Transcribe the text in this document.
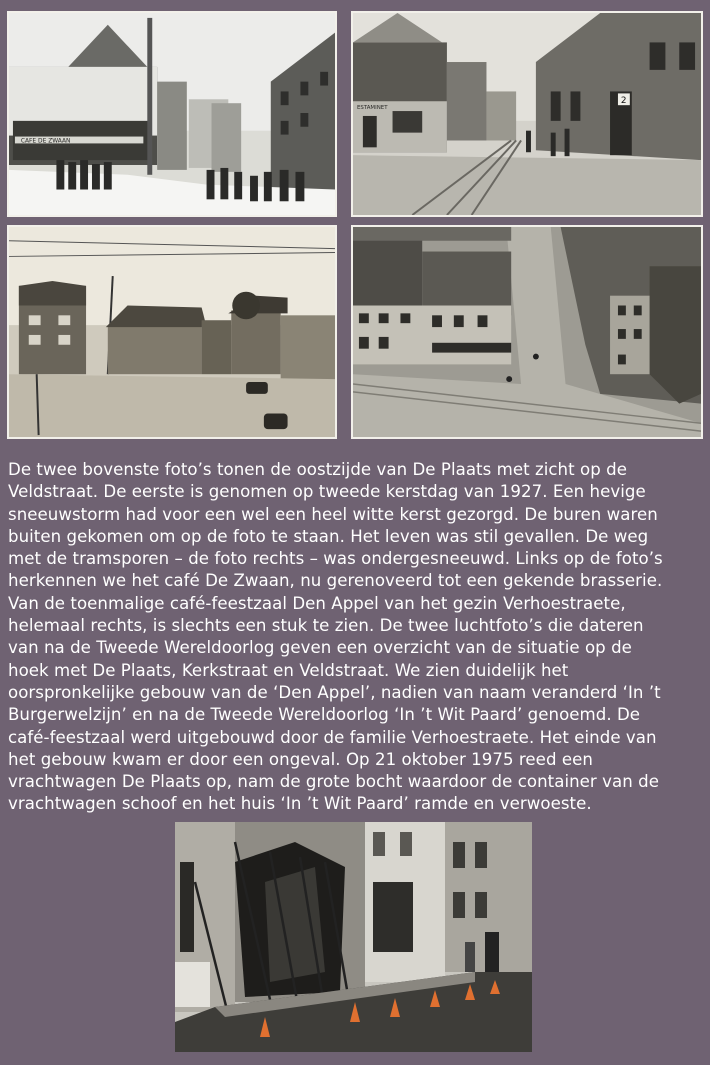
CAFE DE ZWAAN
ESTAMINET
2
De twee bovenste foto’s tonen de oostzijde van De Plaats met zicht op de
Veldstraat. De eerste is genomen op tweede kerstdag van 1927. Een hevige
sneeuwstorm had voor een wel een heel witte kerst gezorgd. De buren waren
buiten gekomen om op de foto te staan. Het leven was stil gevallen. De weg
met de tramsporen – de foto rechts – was ondergesneeuwd. Links op de foto’s
herkennen we het café De Zwaan, nu gerenoveerd tot een gekende brasserie.
Van de toenmalige café-feestzaal Den Appel van het gezin Verhoestraete,
helemaal rechts, is slechts een stuk te zien. De twee luchtfoto’s die dateren
van na de Tweede Wereldoorlog geven een overzicht van de situatie op de
hoek met De Plaats, Kerkstraat en Veldstraat. We zien duidelijk het
oorspronkelijke gebouw van de ‘Den Appel’, nadien van naam veranderd ‘In ’t
Burgerwelzijn’ en na de Tweede Wereldoorlog ‘In ’t Wit Paard’ genoemd. De
café-feestzaal werd uitgebouwd door de familie Verhoestraete. Het einde van
het gebouw kwam er door een ongeval. Op 21 oktober 1975 reed een
vrachtwagen De Plaats op, nam de grote bocht waardoor de container van de
vrachtwagen schoof en het huis ‘In ’t Wit Paard’ ramde en verwoeste.
